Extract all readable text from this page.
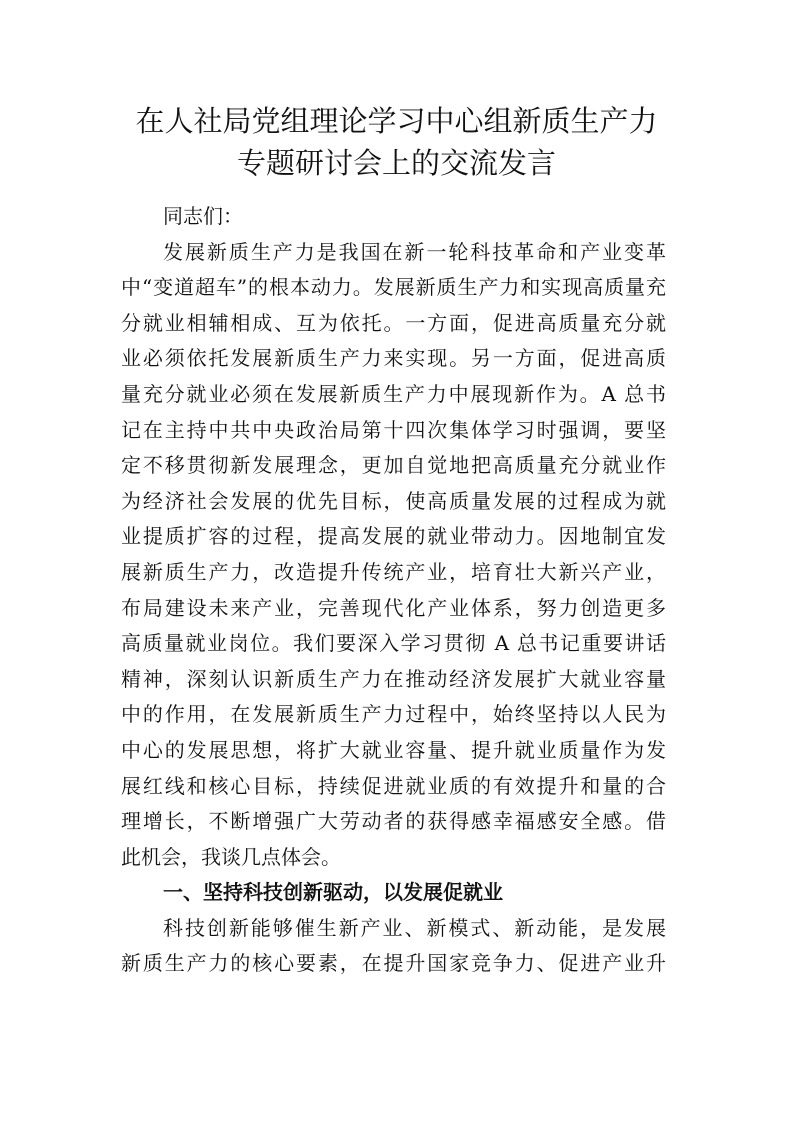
在人社局党组理论学习中心组新质生产力
专题研讨会上的交流发言
同志们：
发展新质生产力是我国在新一轮科技革命和产业变革
中“变道超车”的根本动力。发展新质生产力和实现高质量充
分就业相辅相成、互为依托。一方面，促进高质量充分就
业必须依托发展新质生产力来实现。另一方面，促进高质
量充分就业必须在发展新质生产力中展现新作为。A 总书
记在主持中共中央政治局第十四次集体学习时强调，要坚
定不移贯彻新发展理念，更加自觉地把高质量充分就业作
为经济社会发展的优先目标，使高质量发展的过程成为就
业提质扩容的过程，提高发展的就业带动力。因地制宜发
展新质生产力，改造提升传统产业，培育壮大新兴产业，
布局建设未来产业，完善现代化产业体系，努力创造更多
高质量就业岗位。我们要深入学习贯彻 A 总书记重要讲话
精神，深刻认识新质生产力在推动经济发展扩大就业容量
中的作用，在发展新质生产力过程中，始终坚持以人民为
中心的发展思想，将扩大就业容量、提升就业质量作为发
展红线和核心目标，持续促进就业质的有效提升和量的合
理增长，不断增强广大劳动者的获得感幸福感安全感。借
此机会，我谈几点体会。
一、坚持科技创新驱动，以发展促就业
科技创新能够催生新产业、新模式、新动能，是发展
新质生产力的核心要素，在提升国家竞争力、促进产业升
